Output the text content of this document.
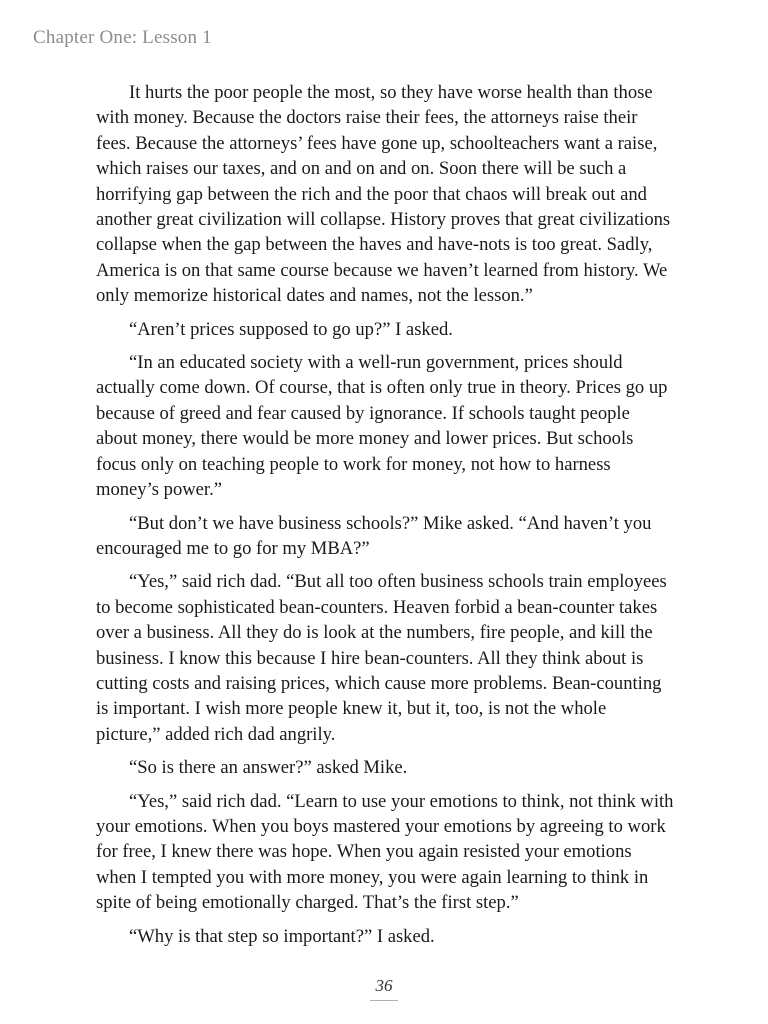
Chapter One: Lesson 1

It hurts the poor people the most, so they have worse health than those with money. Because the doctors raise their fees, the attorneys raise their fees. Because the attorneys’ fees have gone up, schoolteachers want a raise, which raises our taxes, and on and on and on. Soon there will be such a horrifying gap between the rich and the poor that chaos will break out and another great civilization will collapse. History proves that great civilizations collapse when the gap between the haves and have-nots is too great. Sadly, America is on that same course because we haven’t learned from history. We only memorize historical dates and names, not the lesson.”

“Aren’t prices supposed to go up?” I asked.

“In an educated society with a well-run government, prices should actually come down. Of course, that is often only true in theory. Prices go up because of greed and fear caused by ignorance. If schools taught people about money, there would be more money and lower prices. But schools focus only on teaching people to work for money, not how to harness money’s power.”

“But don’t we have business schools?” Mike asked. “And haven’t you encouraged me to go for my MBA?”

“Yes,” said rich dad. “But all too often business schools train employees to become sophisticated bean-counters. Heaven forbid a bean-counter takes over a business. All they do is look at the numbers, fire people, and kill the business. I know this because I hire bean-counters. All they think about is cutting costs and raising prices, which cause more problems. Bean-counting is important. I wish more people knew it, but it, too, is not the whole picture,” added rich dad angrily.

“So is there an answer?” asked Mike.

“Yes,” said rich dad. “Learn to use your emotions to think, not think with your emotions. When you boys mastered your emotions by agreeing to work for free, I knew there was hope. When you again resisted your emotions when I tempted you with more money, you were again learning to think in spite of being emotionally charged. That’s the first step.”

“Why is that step so important?” I asked.

36
